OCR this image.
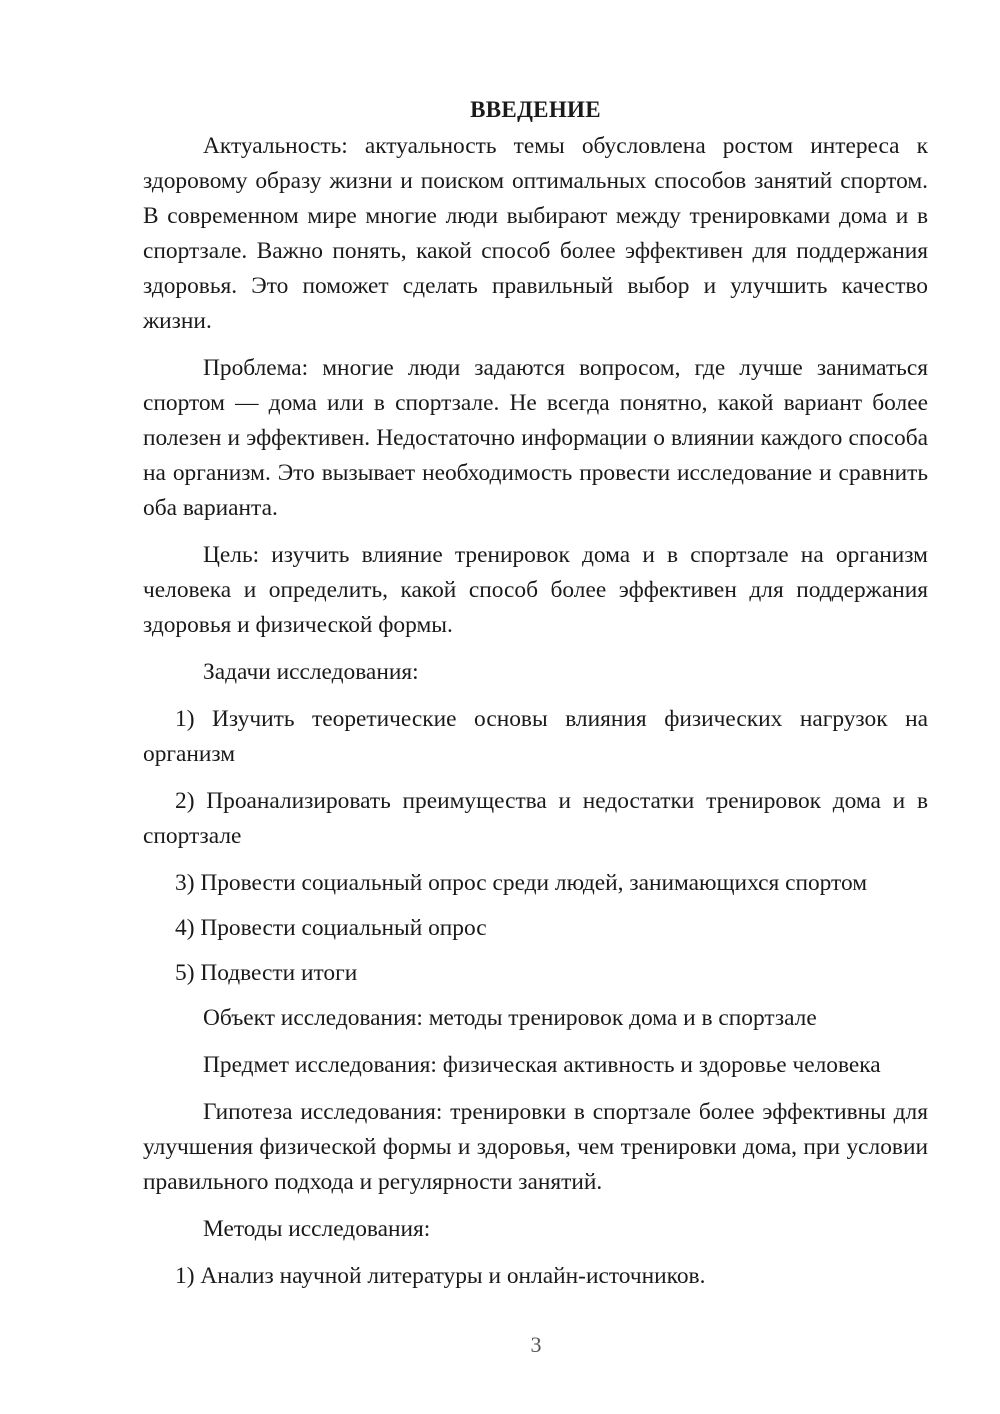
ВВЕДЕНИЕ

Актуальность: актуальность темы обусловлена ростом интереса к здоровому образу жизни и поиском оптимальных способов занятий спортом. В современном мире многие люди выбирают между тренировками дома и в спортзале. Важно понять, какой способ более эффективен для поддержания здоровья. Это поможет сделать правильный выбор и улучшить качество жизни.

Проблема: многие люди задаются вопросом, где лучше заниматься спортом — дома или в спортзале. Не всегда понятно, какой вариант более полезен и эффективен. Недостаточно информации о влиянии каждого способа на организм. Это вызывает необходимость провести исследование и сравнить оба варианта.

Цель: изучить влияние тренировок дома и в спортзале на организм человека и определить, какой способ более эффективен для поддержания здоровья и физической формы.

Задачи исследования:

1) Изучить теоретические основы влияния физических нагрузок на организм

2) Проанализировать преимущества и недостатки тренировок дома и в спортзале

3) Провести социальный опрос среди людей, занимающихся спортом

4) Провести социальный опрос

5) Подвести итоги

Объект исследования: методы тренировок дома и в спортзале

Предмет исследования: физическая активность и здоровье человека

Гипотеза исследования: тренировки в спортзале более эффективны для улучшения физической формы и здоровья, чем тренировки дома, при условии правильного подхода и регулярности занятий.

Методы исследования:

1) Анализ научной литературы и онлайн-источников.

3
